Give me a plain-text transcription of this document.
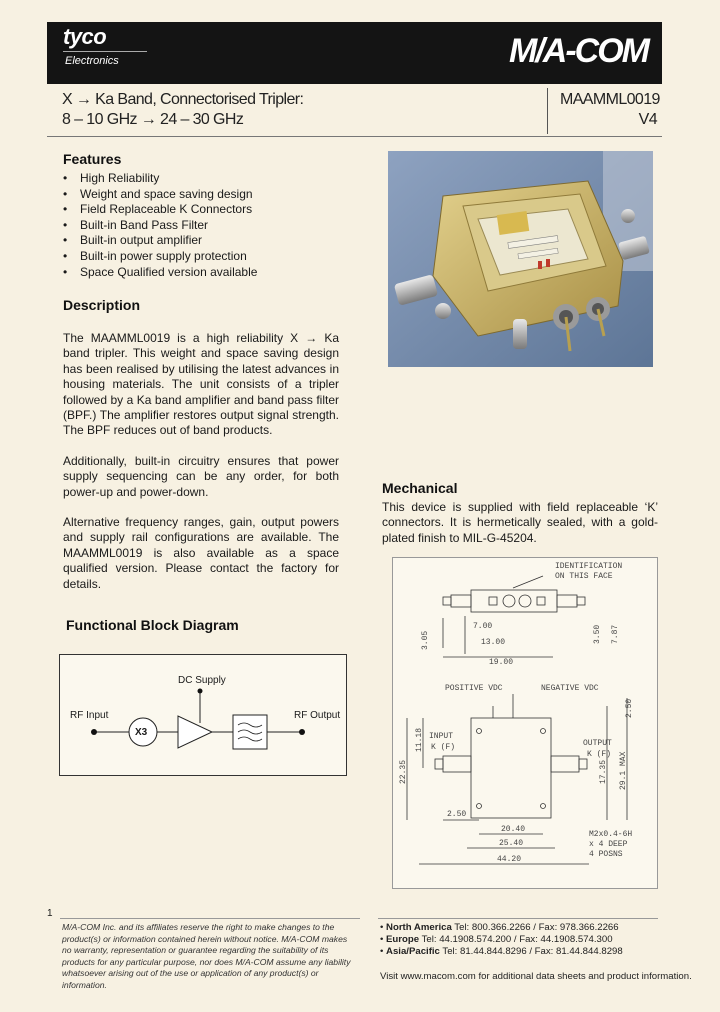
tyco
Electronics	M/A-COM
X → Ka Band, Connectorised Tripler:
8 – 10 GHz → 24 – 30 GHz
MAAMML0019
V4
Features
• High Reliability
• Weight and space saving design
• Field Replaceable K Connectors
• Built-in Band Pass Filter
• Built-in output amplifier
• Built-in power supply protection
• Space Qualified version available
Description

The MAAMML0019 is a high reliability X → Ka band tripler. This weight and space saving design has been realised by utilising the latest advances in housing materials. The unit consists of a tripler followed by a Ka band amplifier and band pass filter (BPF.) The amplifier restores output signal strength. The BPF reduces out of band products.

Additionally, built-in circuitry ensures that power supply sequencing can be any order, for both power-up and power-down.

Alternative frequency ranges, gain, output powers and supply rail configurations are available. The MAAMML0019 is also available as a space qualified version. Please contact the factory for details.

Functional Block Diagram
DC Supply
RF Input	RF Output
X3
Mechanical

This device is supplied with field replaceable ‘K’ connectors. It is hermetically sealed, with a gold-plated finish to MIL-G-45204.

IDENTIFICATION
ON THIS FACE
3.05
7.00
13.00
19.00
3.50 7.87
POSITIVE VDC	NEGATIVE VDC
INPUT
K (F)	OUTPUT
K (F)
2.50
11.18
22.35	17.35 29.1 MAX
2.50
20.40
25.40
44.20
M2x0.4-6H
x 4 DEEP
4 POSNS
1
M/A-COM Inc. and its affiliates reserve the right to make changes to the product(s) or information contained herein without notice. M/A-COM makes no warranty, representation or guarantee regarding the suitability of its products for any particular purpose, nor does M/A-COM assume any liability whatsoever arising out of the use or application of any product(s) or information.
• North America Tel: 800.366.2266 / Fax: 978.366.2266
• Europe Tel: 44.1908.574.200 / Fax: 44.1908.574.300
• Asia/Pacific Tel: 81.44.844.8296 / Fax: 81.44.844.8298
Visit www.macom.com for additional data sheets and product information.
